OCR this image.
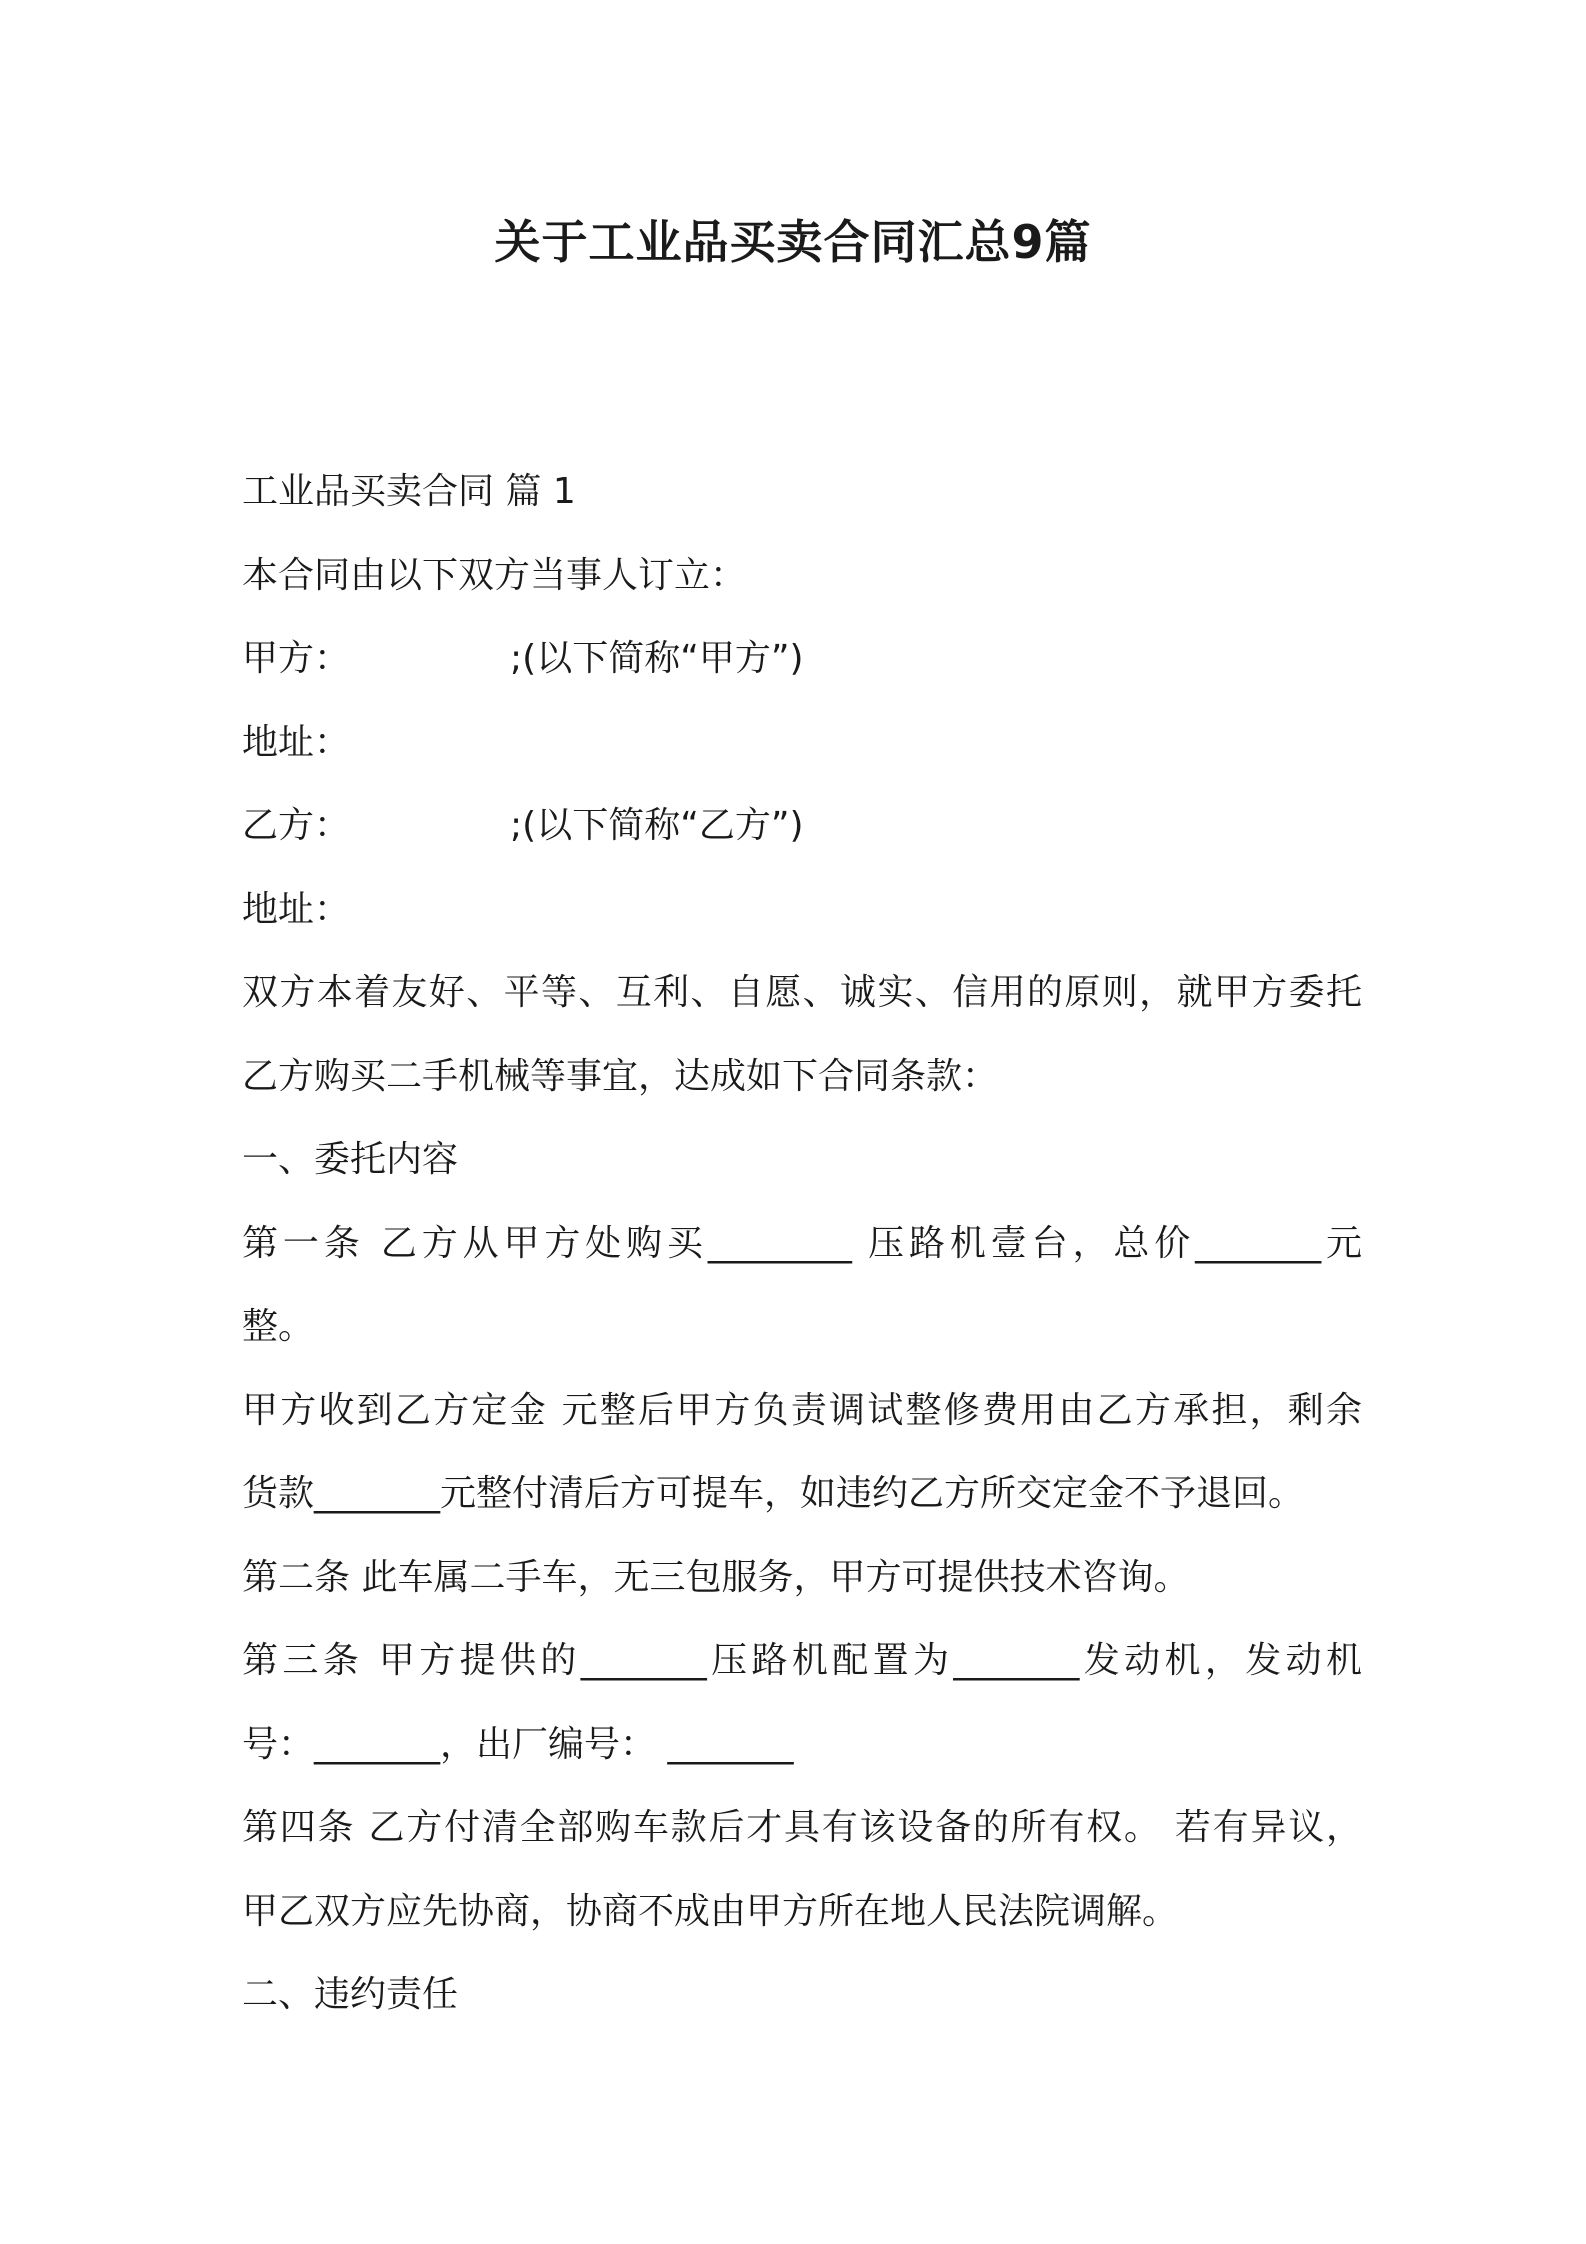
关于工业品买卖合同汇总9篇
工业品买卖合同 篇 1
本合同由以下双方当事人订立：
甲方：	;(以下简称“甲方”)
地址：
乙方：	;(以下简称“乙方”)
地址：
双方本着友好、平等、互利、自愿、诚实、信用的原则，就甲方委托
乙方购买二手机械等事宜，达成如下合同条款：
一、委托内容
第一条 乙方从甲方处购买________ 压路机壹台，总价_______元
整。
甲方收到乙方定金 元整后甲方负责调试整修费用由乙方承担，剩余
货款_______元整付清后方可提车，如违约乙方所交定金不予退回。
第二条 此车属二手车，无三包服务，甲方可提供技术咨询。
第三条 甲方提供的_______压路机配置为_______发动机，发动机
号：_______，出厂编号： _______
第四条 乙方付清全部购车款后才具有该设备的所有权。 若有异议，
甲乙双方应先协商，协商不成由甲方所在地人民法院调解。
二、违约责任
